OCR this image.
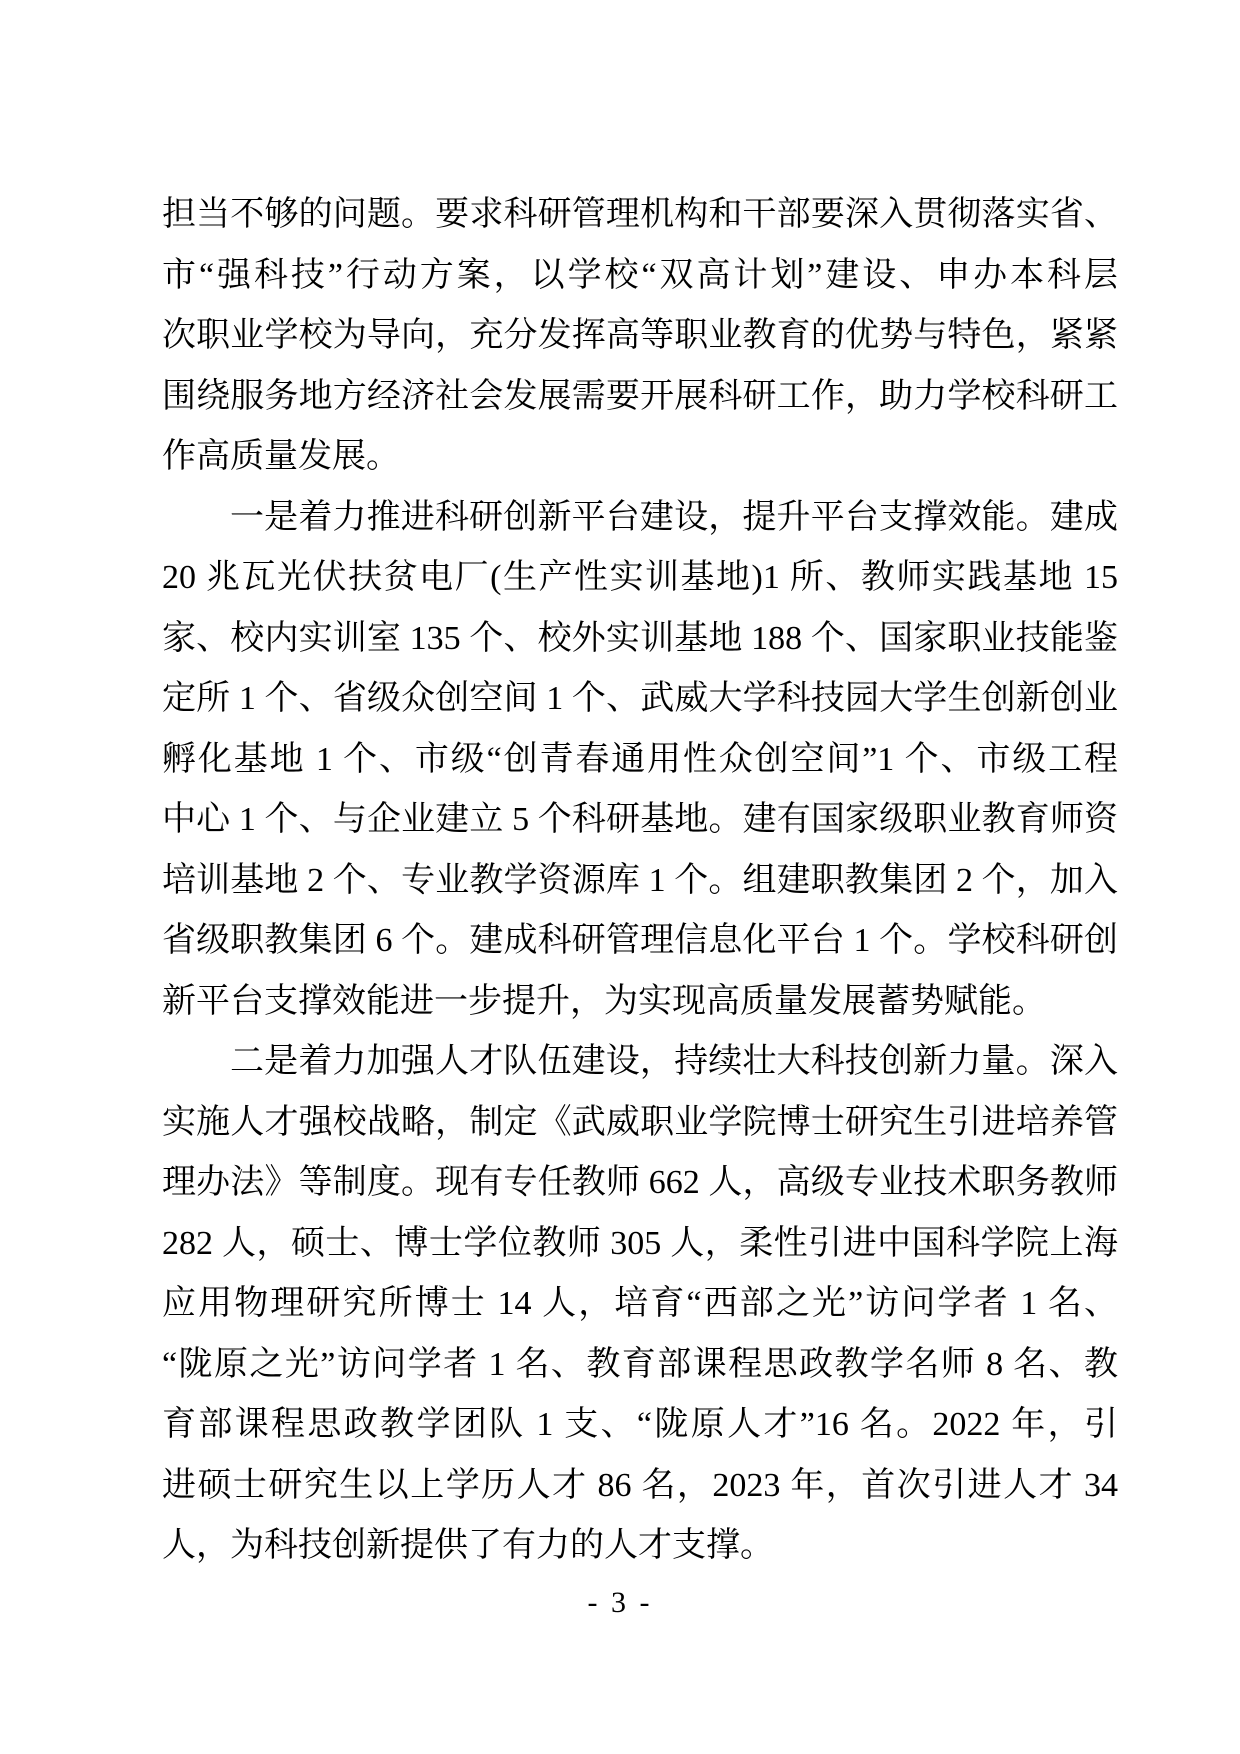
担当不够的问题。要求科研管理机构和干部要深入贯彻落实省、
市“强科技”行动方案，以学校“双高计划”建设、申办本科层
次职业学校为导向，充分发挥高等职业教育的优势与特色，紧紧
围绕服务地方经济社会发展需要开展科研工作，助力学校科研工
作高质量发展。
一是着力推进科研创新平台建设，提升平台支撑效能。建成
20 兆瓦光伏扶贫电厂(生产性实训基地)1 所、教师实践基地 15
家、校内实训室 135 个、校外实训基地 188 个、国家职业技能鉴
定所 1 个、省级众创空间 1 个、武威大学科技园大学生创新创业
孵化基地 1 个、市级“创青春通用性众创空间”1 个、市级工程
中心 1 个、与企业建立 5 个科研基地。建有国家级职业教育师资
培训基地 2 个、专业教学资源库 1 个。组建职教集团 2 个，加入
省级职教集团 6 个。建成科研管理信息化平台 1 个。学校科研创
新平台支撑效能进一步提升，为实现高质量发展蓄势赋能。
二是着力加强人才队伍建设，持续壮大科技创新力量。深入
实施人才强校战略，制定《武威职业学院博士研究生引进培养管
理办法》等制度。现有专任教师 662 人，高级专业技术职务教师
282 人，硕士、博士学位教师 305 人，柔性引进中国科学院上海
应用物理研究所博士 14 人，培育“西部之光”访问学者 1 名、
“陇原之光”访问学者 1 名、教育部课程思政教学名师 8 名、教
育部课程思政教学团队 1 支、“陇原人才”16 名。2022 年，引
进硕士研究生以上学历人才 86 名，2023 年，首次引进人才 34
人，为科技创新提供了有力的人才支撑。
- 3 -
